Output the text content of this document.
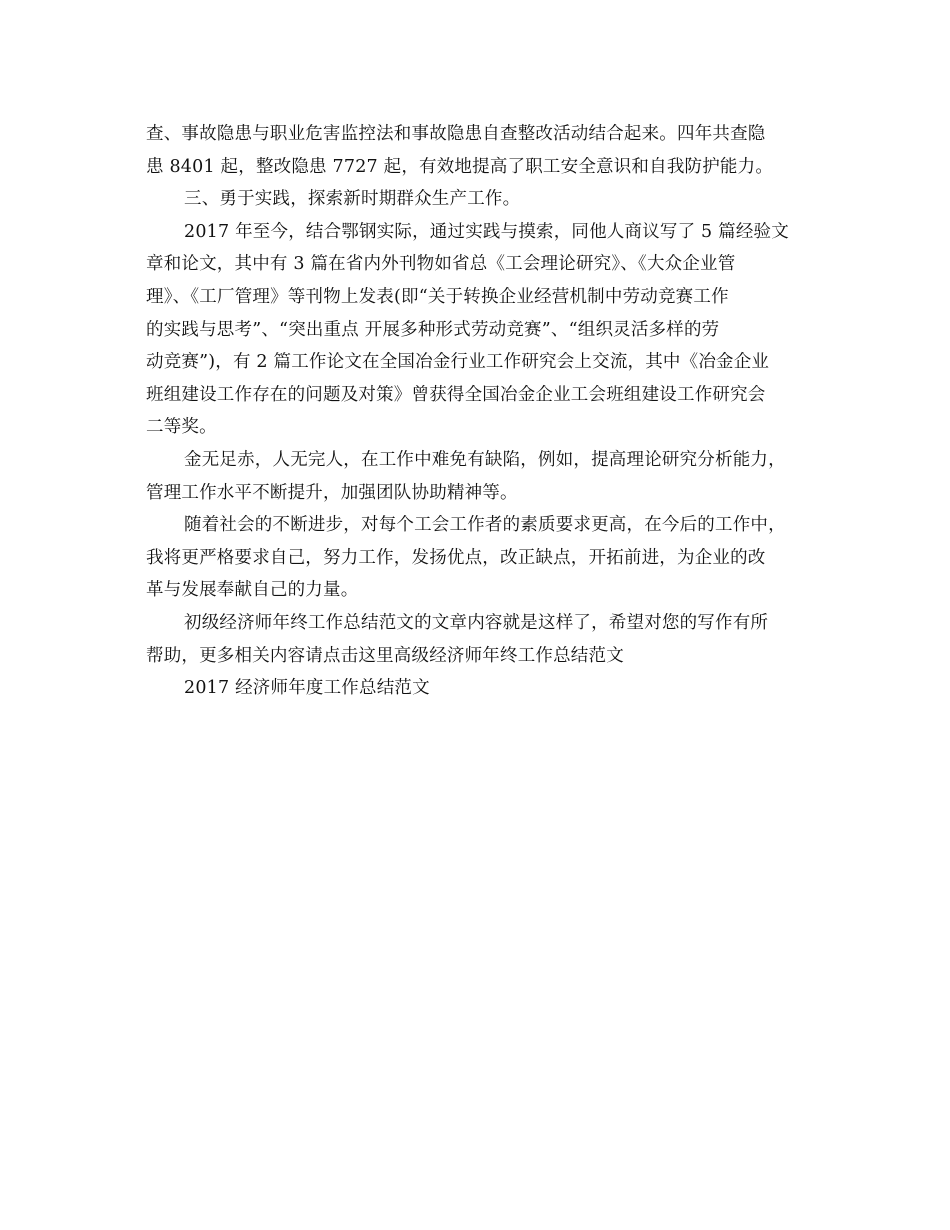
查、事故隐患与职业危害监控法和事故隐患自查整改活动结合起来。四年共查隐
患 8401 起，整改隐患 7727 起，有效地提高了职工安全意识和自我防护能力。
三、勇于实践，探索新时期群众生产工作。
2017 年至今，结合鄂钢实际，通过实践与摸索，同他人商议写了 5 篇经验文
章和论文，其中有 3 篇在省内外刊物如省总《工会理论研究》、《大众企业管
理》、《工厂管理》等刊物上发表(即“关于转换企业经营机制中劳动竞赛工作
的实践与思考”、“突出重点 开展多种形式劳动竞赛”、“组织灵活多样的劳
动竞赛”)，有 2 篇工作论文在全国冶金行业工作研究会上交流，其中《冶金企业
班组建设工作存在的问题及对策》曾获得全国冶金企业工会班组建设工作研究会
二等奖。
金无足赤，人无完人，在工作中难免有缺陷，例如，提高理论研究分析能力，
管理工作水平不断提升，加强团队协助精神等。
随着社会的不断进步，对每个工会工作者的素质要求更高，在今后的工作中，
我将更严格要求自己，努力工作，发扬优点，改正缺点，开拓前进，为企业的改
革与发展奉献自己的力量。
初级经济师年终工作总结范文的文章内容就是这样了，希望对您的写作有所
帮助，更多相关内容请点击这里高级经济师年终工作总结范文
2017 经济师年度工作总结范文
